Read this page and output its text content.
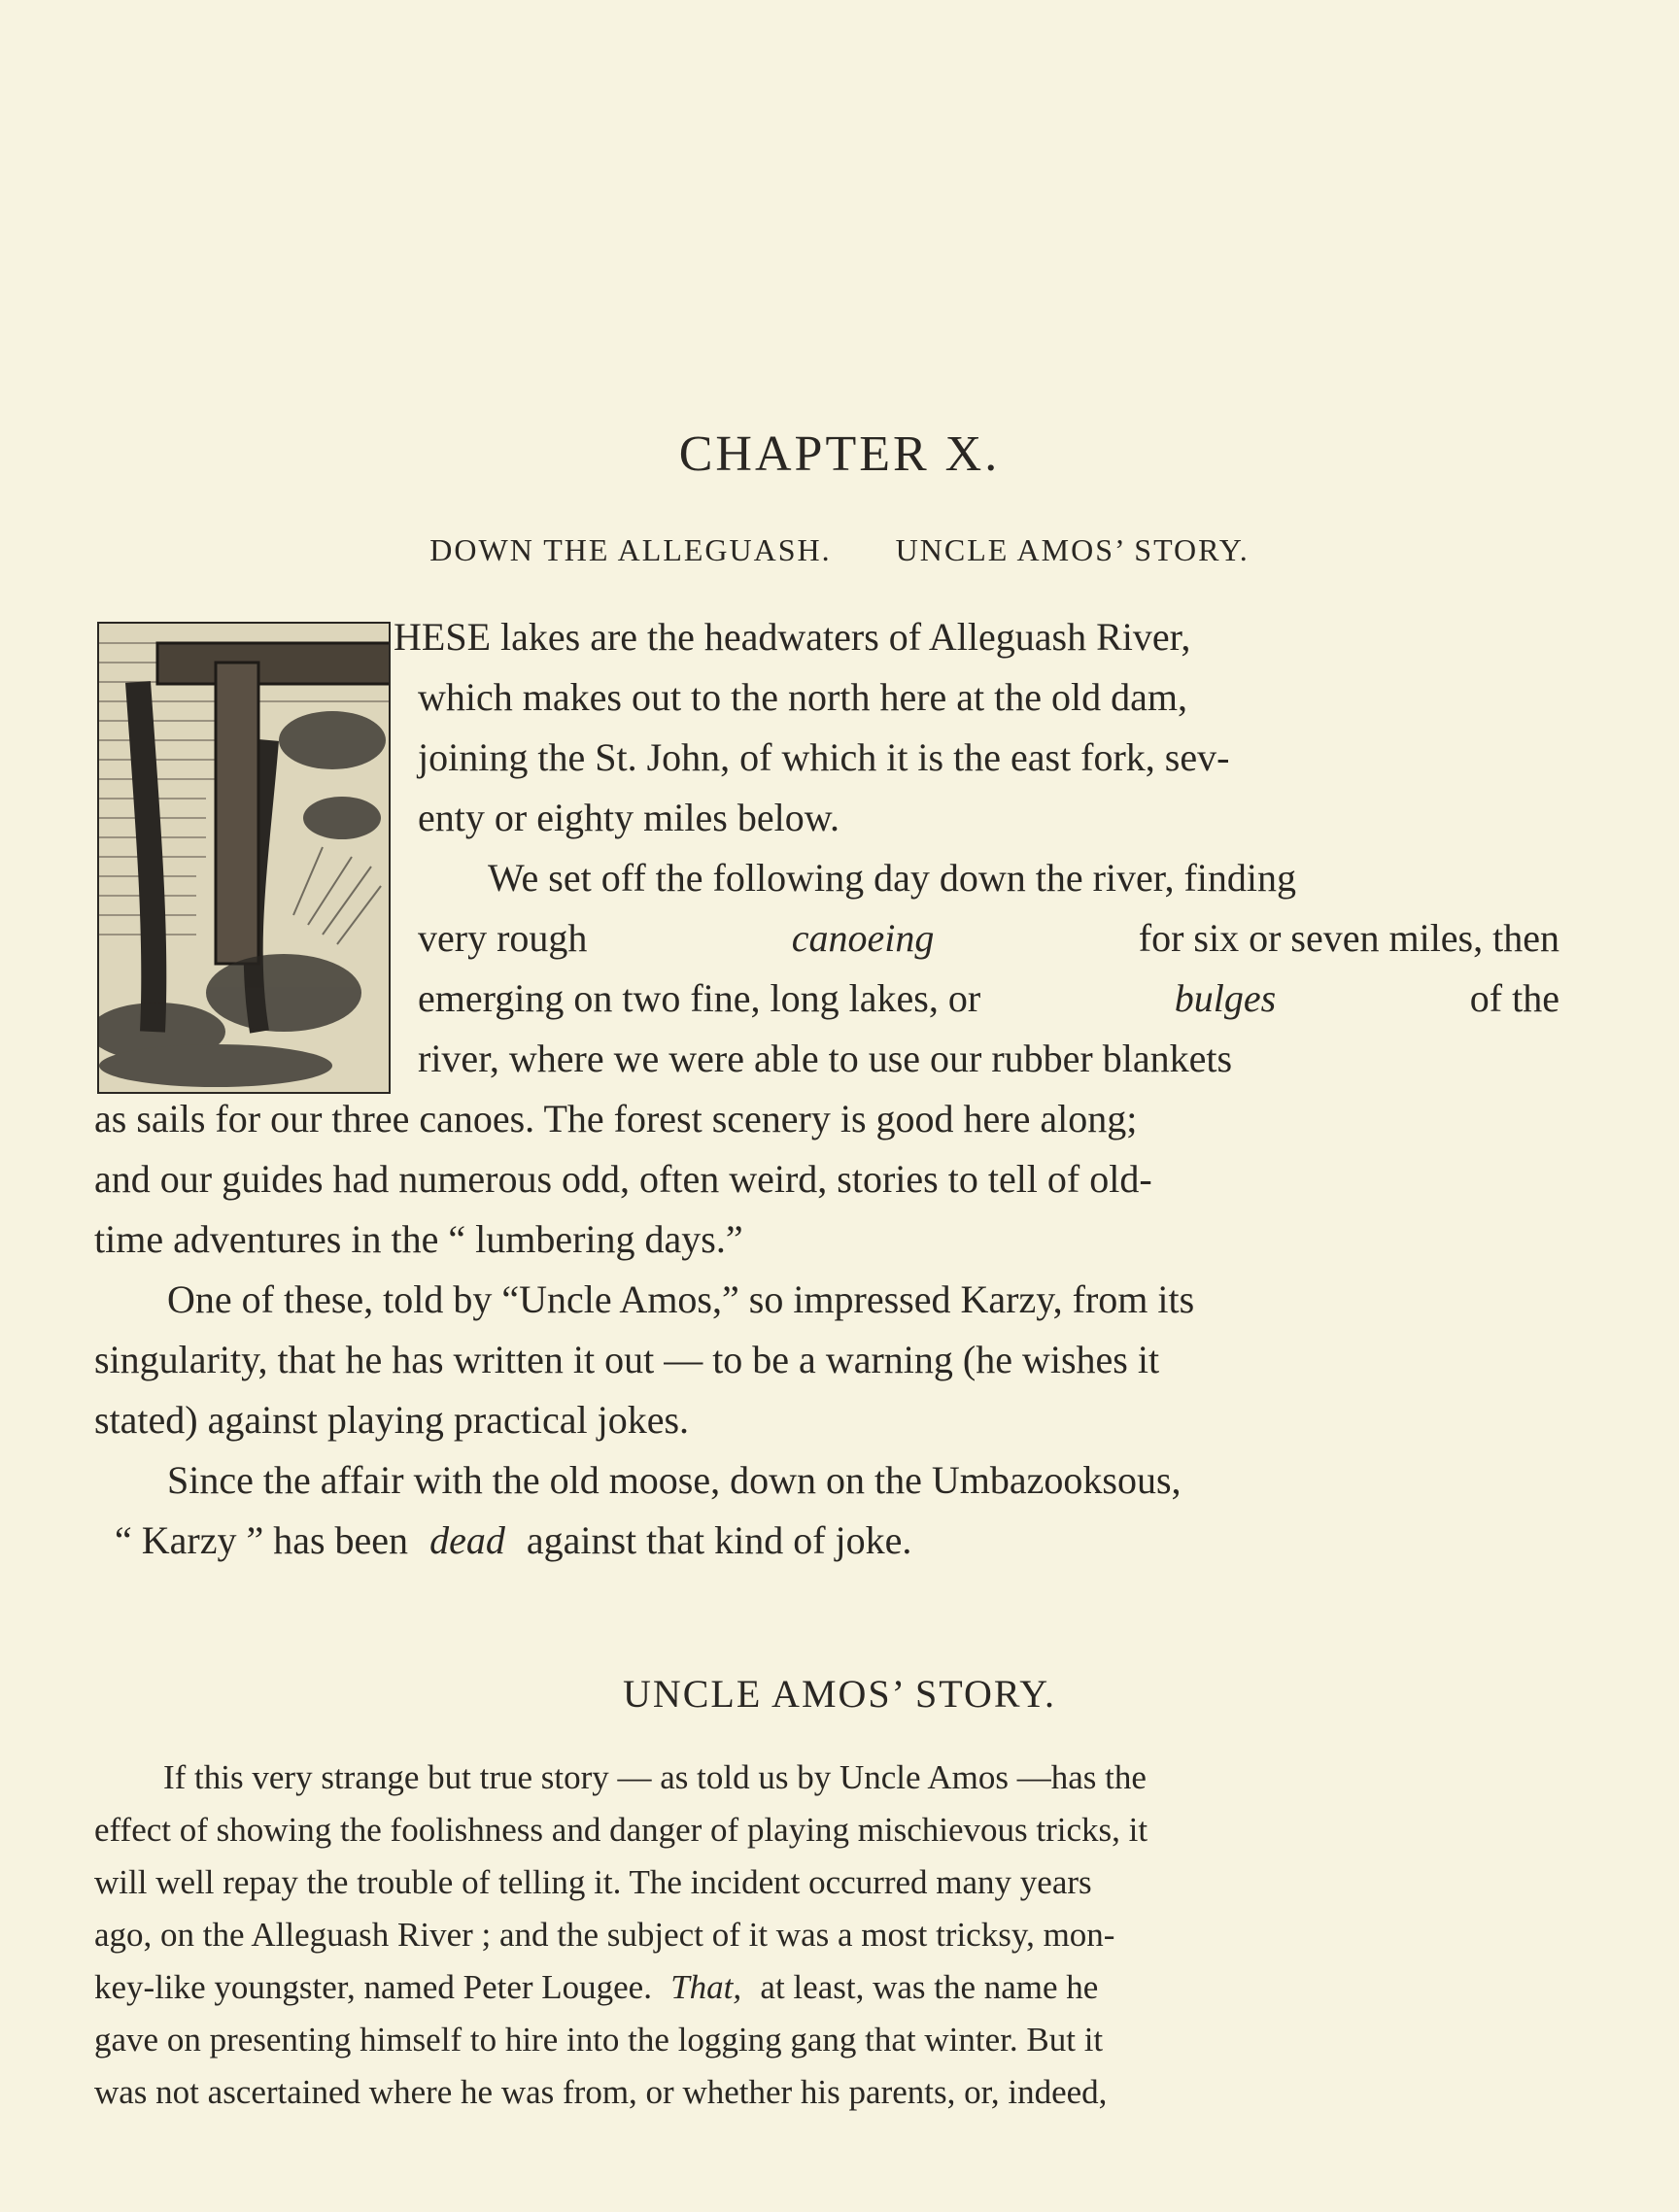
CHAPTER X.
DOWN THE ALLEGUASH. UNCLE AMOS’ STORY.
HESE lakes are the headwaters of Alleguash River,
which makes out to the north here at the old dam,
joining the St. John, of which it is the east fork, sev-
enty or eighty miles below.
We set off the following day down the river, finding
very rough	canoeing	for six or seven miles, then
emerging on two fine, long lakes, or	bulges	of the
river, where we were able to use our rubber blankets
as sails for our three canoes. The forest scenery is good here along;
and our guides had numerous odd, often weird, stories to tell of old-
time adventures in the “ lumbering days.”
One of these, told by “Uncle Amos,” so impressed Karzy, from its
singularity, that he has written it out — to be a warning (he wishes it
stated) against playing practical jokes.
Since the affair with the old moose, down on the Umbazooksous,
“ Karzy ” has been dead against that kind of joke.
UNCLE AMOS’ STORY.
If this very strange but true story — as told us by Uncle Amos —has the
effect of showing the foolishness and danger of playing mischievous tricks, it
will well repay the trouble of telling it. The incident occurred many years
ago, on the Alleguash River ; and the subject of it was a most tricksy, mon-
key-like youngster, named Peter Lougee. That, at least, was the name he
gave on presenting himself to hire into the logging gang that winter. But it
was not ascertained where he was from, or whether his parents, or, indeed,
